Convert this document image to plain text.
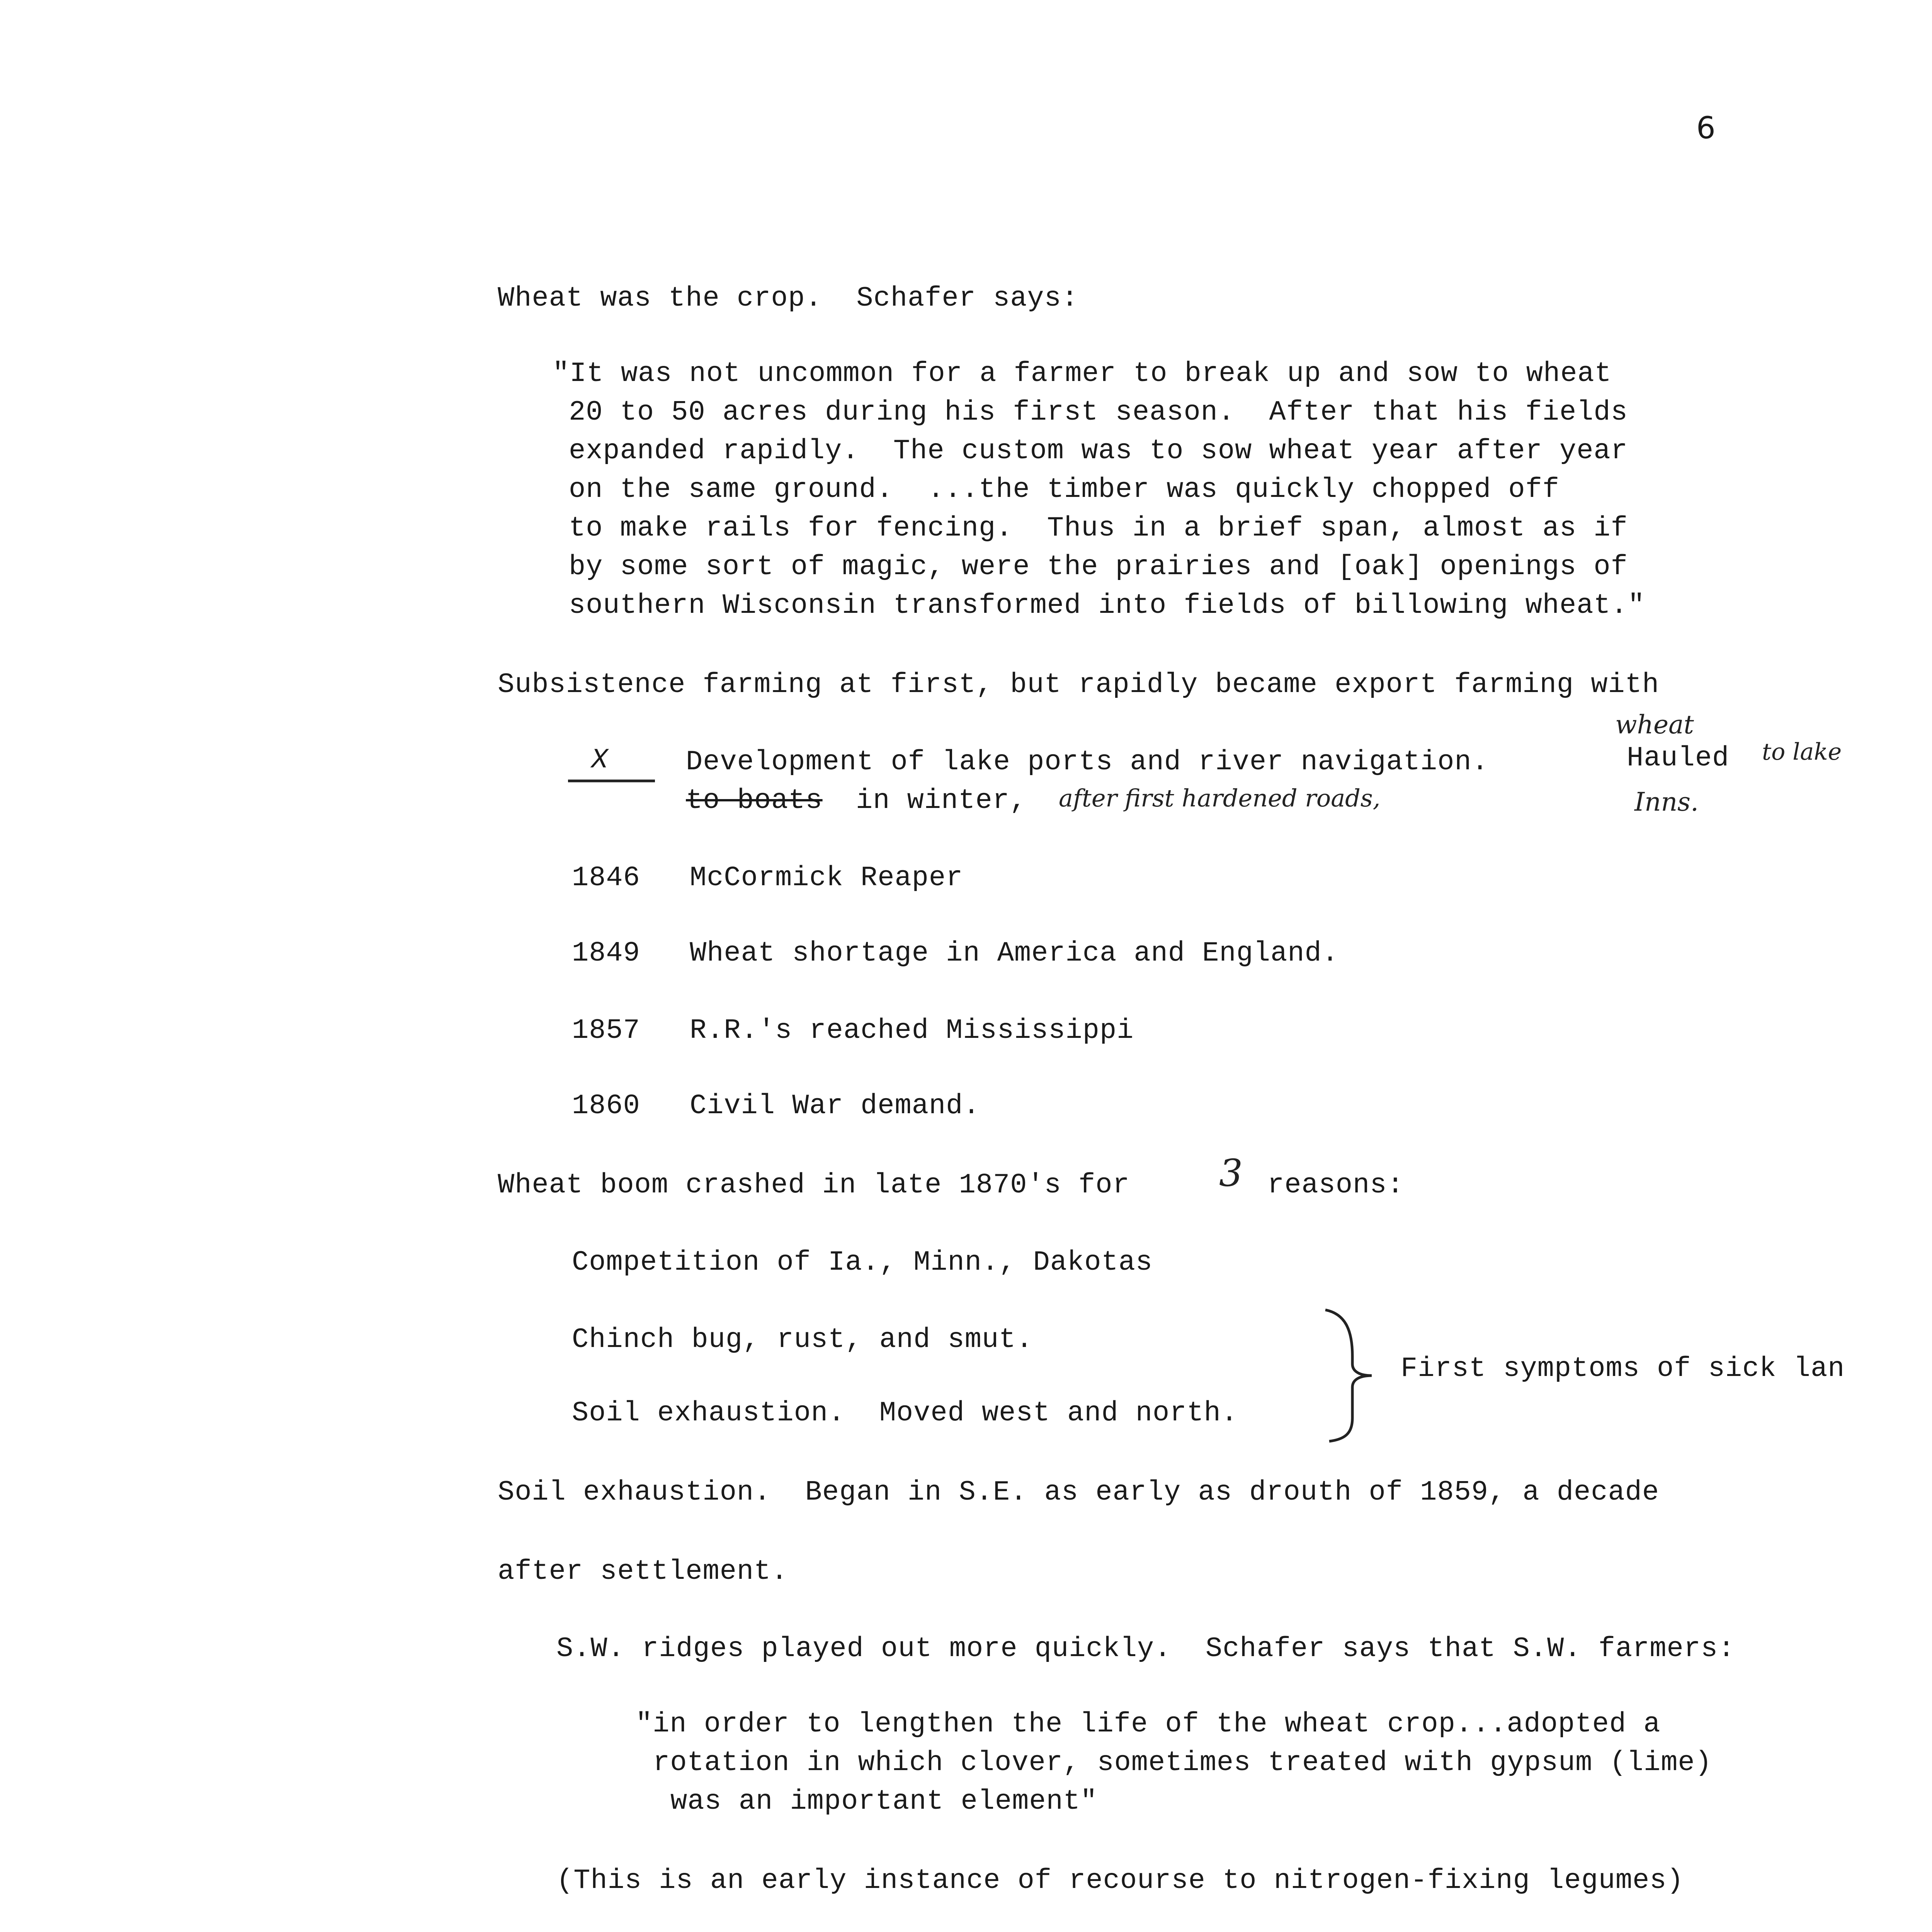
6
Wheat was the crop.  Schafer says:
"It was not uncommon for a farmer to break up and sow to wheat
20 to 50 acres during his first season.  After that his fields
expanded rapidly.  The custom was to sow wheat year after year
on the same ground.  ...the timber was quickly chopped off
to make rails for fencing.  Thus in a brief span, almost as if
by some sort of magic, were the prairies and [oak] openings of
southern Wisconsin transformed into fields of billowing wheat."
Subsistence farming at first, but rapidly became export farming with
wheat
X	Development of lake ports and river navigation.	Hauled to lake
to boats in winter, after first hardened roads,	Inns.
1846 McCormick Reaper
1849 Wheat shortage in America and England.
1857 R.R.'s reached Mississippi
1860 Civil War demand.
Wheat boom crashed in late 1870's for 3 reasons:
Competition of Ia., Minn., Dakotas
Chinch bug, rust, and smut.
Soil exhaustion.  Moved west and north.
First symptoms of sick lan
Soil exhaustion.  Began in S.E. as early as drouth of 1859, a decade
after settlement.
S.W. ridges played out more quickly.  Schafer says that S.W. farmers:
"in order to lengthen the life of the wheat crop...adopted a
rotation in which clover, sometimes treated with gypsum (lime)
was an important element"
(This is an early instance of recourse to nitrogen-fixing legumes)
